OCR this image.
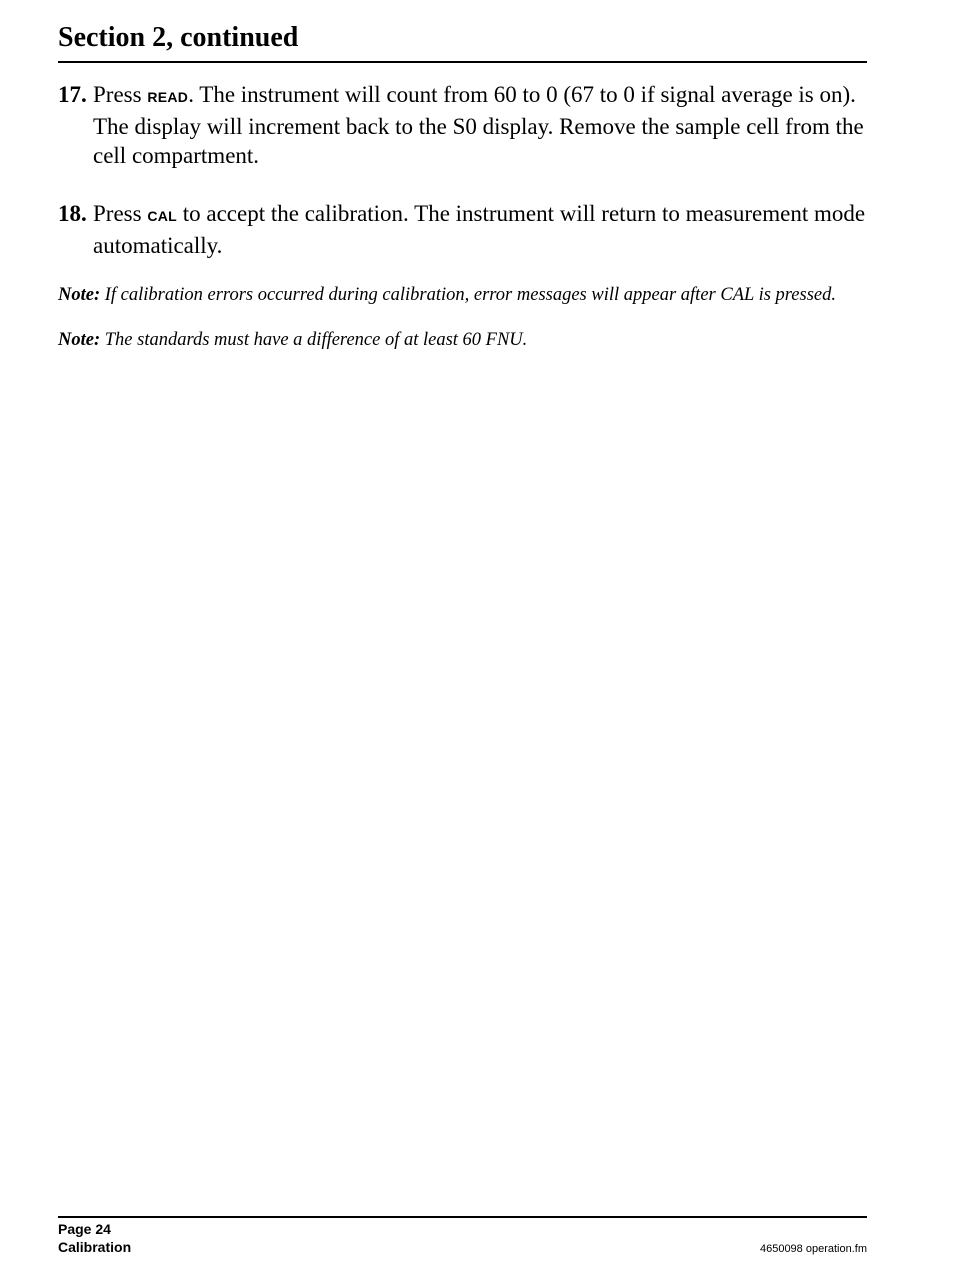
Section 2, continued
17. Press READ. The instrument will count from 60 to 0 (67 to 0 if signal average is on). The display will increment back to the S0 display. Remove the sample cell from the cell compartment.
18. Press CAL to accept the calibration. The instrument will return to measurement mode automatically.

Note: If calibration errors occurred during calibration, error messages will appear after CAL is pressed.

Note: The standards must have a difference of at least 60 FNU.

Page 24
Calibration	4650098 operation.fm
